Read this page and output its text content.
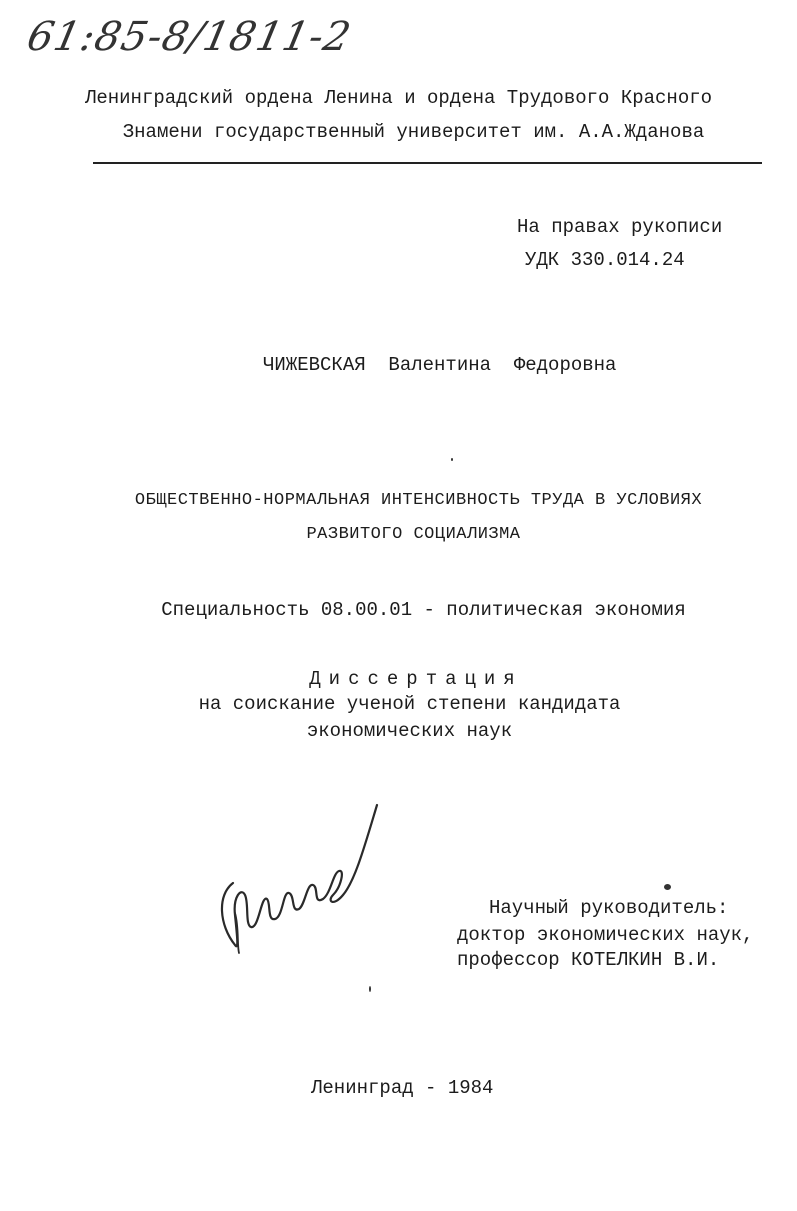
61:85-8/1811-2
Ленинградский ордена Ленина и ордена Трудового Красного
Знамени государственный университет им. А.А.Жданова
На правах рукописи
УДК 330.014.24
ЧИЖЕВСКАЯ  Валентина  Федоровна
ОБЩЕСТВЕННО-НОРМАЛЬНАЯ ИНТЕНСИВНОСТЬ ТРУДА В УСЛОВИЯХ
РАЗВИТОГО СОЦИАЛИЗМА
Специальность 08.00.01 - политическая экономия
Диссертация
на соискание ученой степени кандидата
экономических наук
Научный руководитель:
доктор экономических наук,
профессор КОТЕЛКИН В.И.
Ленинград - 1984
